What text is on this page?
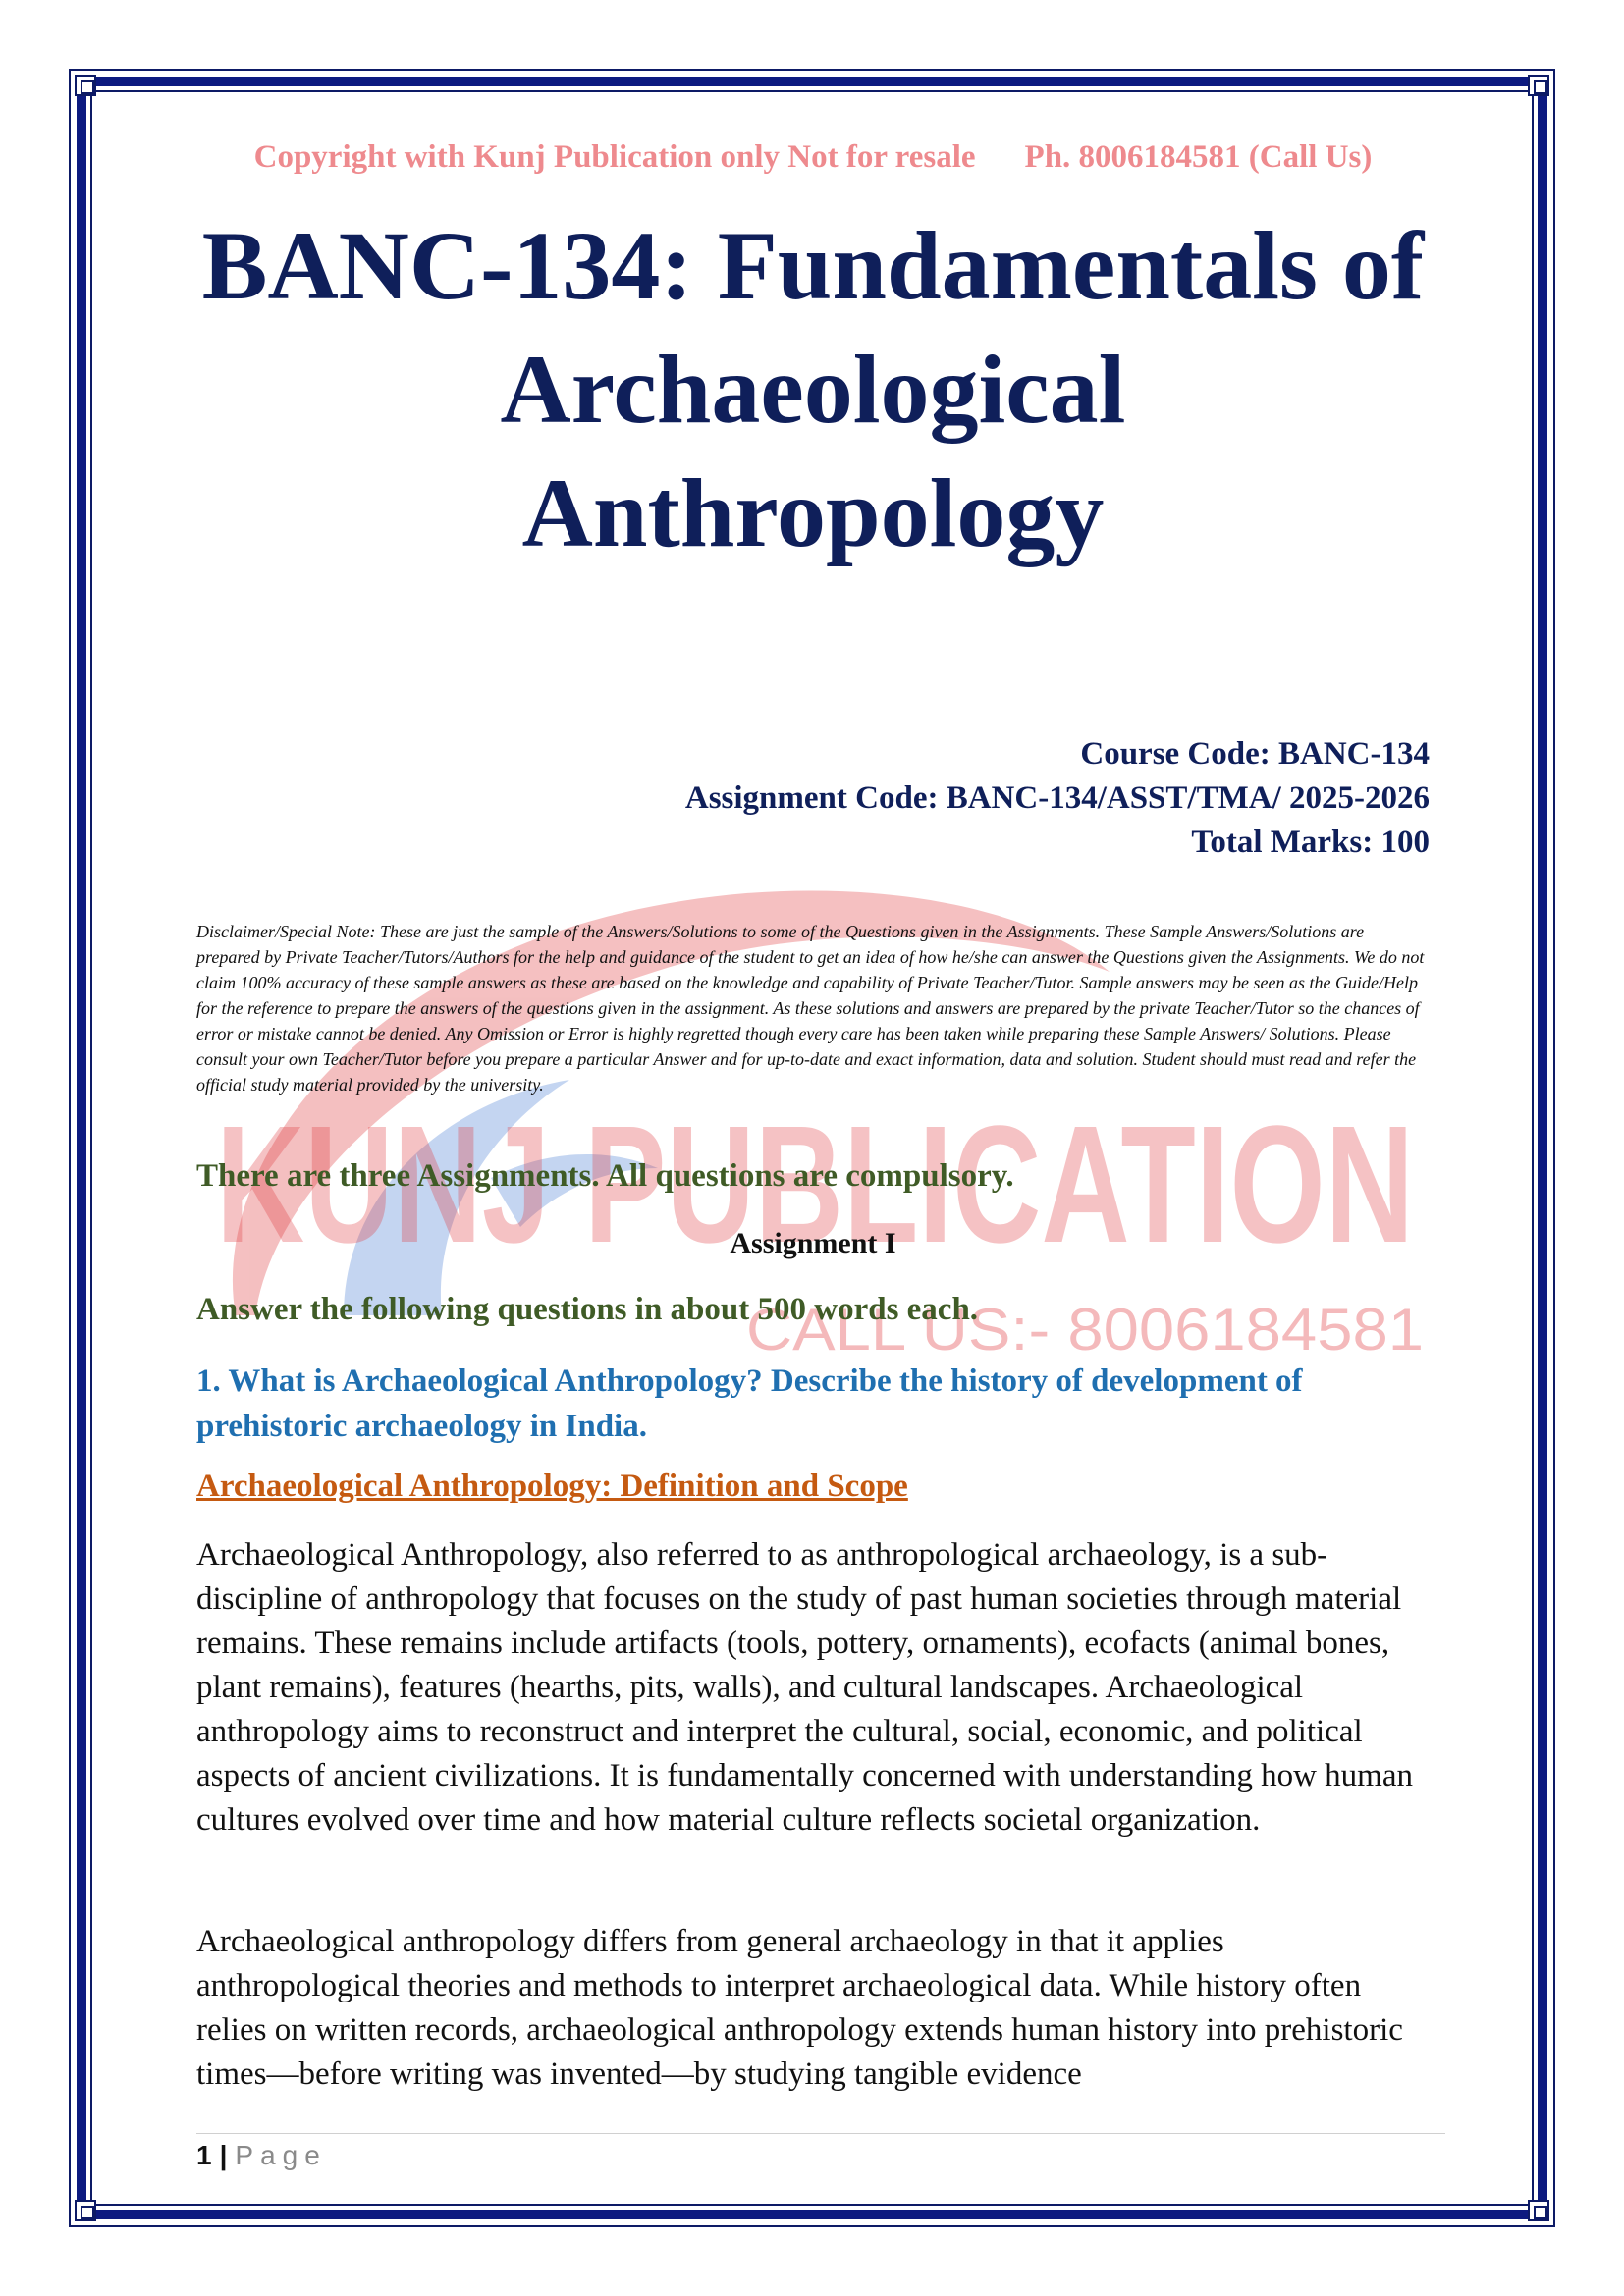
KUNJ PUBLICATION
CALL US:- 8006184581
Copyright with Kunj Publication only Not for resale Ph. 8006184581 (Call Us)
BANC-134: Fundamentals of
Archaeological
Anthropology
Course Code: BANC-134
Assignment Code: BANC-134/ASST/TMA/ 2025-2026
Total Marks: 100

Disclaimer/Special Note: These are just the sample of the Answers/Solutions to some of the Questions given in the Assignments. These Sample Answers/Solutions are prepared by Private Teacher/Tutors/Authors for the help and guidance of the student to get an idea of how he/she can answer the Questions given the Assignments. We do not claim 100% accuracy of these sample answers as these are based on the knowledge and capability of Private Teacher/Tutor. Sample answers may be seen as the Guide/Help for the reference to prepare the answers of the questions given in the assignment. As these solutions and answers are prepared by the private Teacher/Tutor so the chances of error or mistake cannot be denied. Any Omission or Error is highly regretted though every care has been taken while preparing these Sample Answers/ Solutions. Please consult your own Teacher/Tutor before you prepare a particular Answer and for up-to-date and exact information, data and solution. Student should must read and refer the official study material provided by the university.

There are three Assignments. All questions are compulsory.

Assignment I

Answer the following questions in about 500 words each.

1. What is Archaeological Anthropology? Describe the history of development of prehistoric archaeology in India.

Archaeological Anthropology: Definition and Scope

Archaeological Anthropology, also referred to as anthropological archaeology, is a sub-discipline of anthropology that focuses on the study of past human societies through material remains. These remains include artifacts (tools, pottery, ornaments), ecofacts (animal bones, plant remains), features (hearths, pits, walls), and cultural landscapes. Archaeological anthropology aims to reconstruct and interpret the cultural, social, economic, and political aspects of ancient civilizations. It is fundamentally concerned with understanding how human cultures evolved over time and how material culture reflects societal organization.

Archaeological anthropology differs from general archaeology in that it applies anthropological theories and methods to interpret archaeological data. While history often relies on written records, archaeological anthropology extends human history into prehistoric times—before writing was invented—by studying tangible evidence

1 | Page
